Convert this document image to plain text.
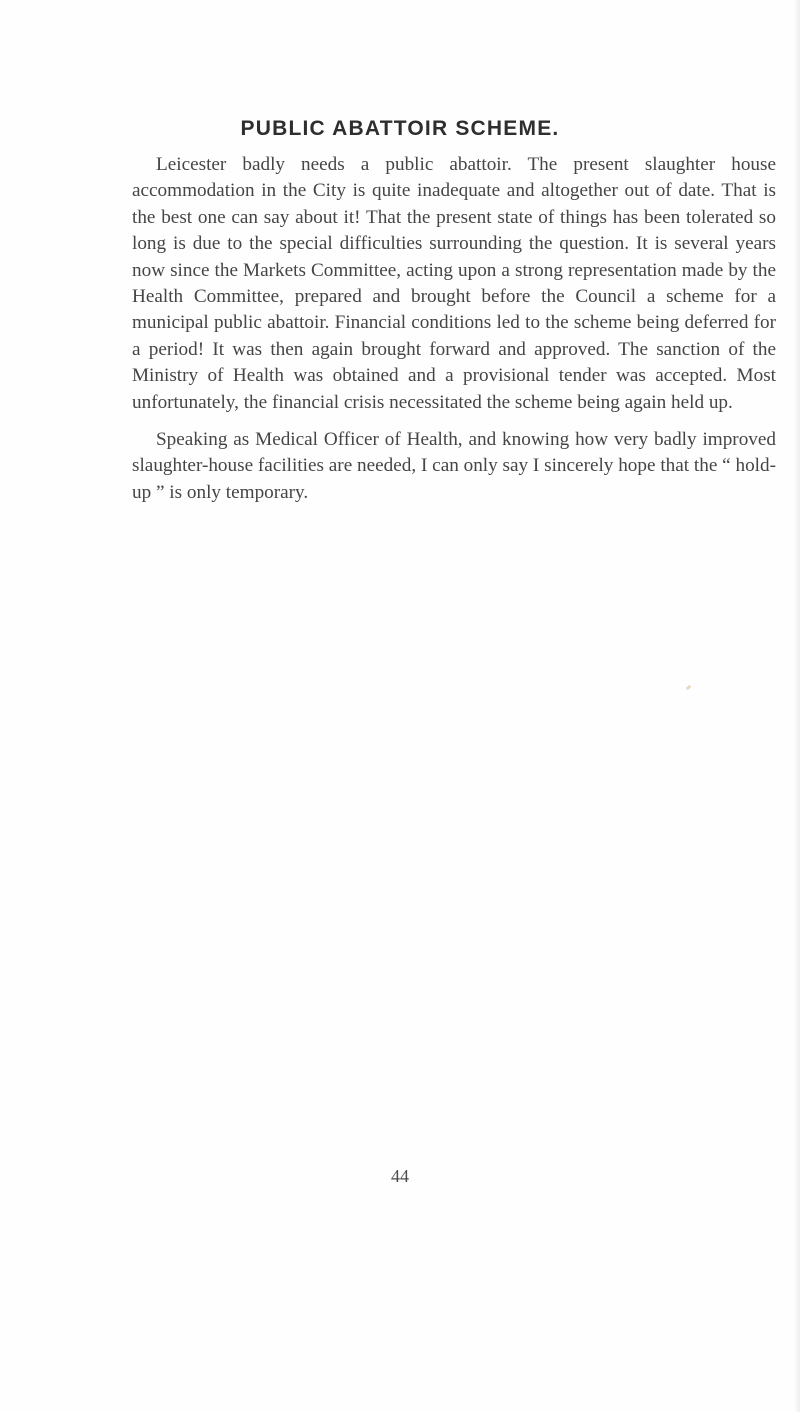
PUBLIC ABATTOIR SCHEME.

Leicester badly needs a public abattoir. The present slaughter house accommodation in the City is quite inadequate and altogether out of date. That is the best one can say about it! That the present state of things has been tolerated so long is due to the special difficulties surrounding the question. It is several years now since the Markets Committee, acting upon a strong representation made by the Health Committee, prepared and brought before the Council a scheme for a municipal public abattoir. Financial conditions led to the scheme being deferred for a period! It was then again brought forward and approved. The sanction of the Ministry of Health was obtained and a provisional tender was accepted. Most unfortunately, the financial crisis necessitated the scheme being again held up.

Speaking as Medical Officer of Health, and knowing how very badly improved slaughter-house facilities are needed, I can only say I sincerely hope that the “ hold-up ” is only temporary.

44
